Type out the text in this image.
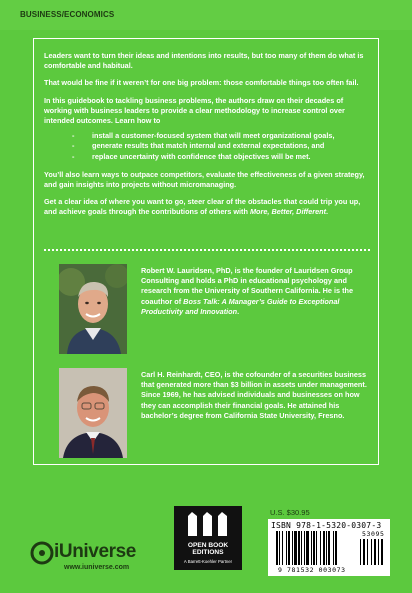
BUSINESS/ECONOMICS

Leaders want to turn their ideas and intentions into results, but too many of them do what is comfortable and habitual.

That would be fine if it weren’t for one big problem: those comfortable things too often fail.

In this guidebook to tackling business problems, the authors draw on their decades of working with business leaders to provide a clear methodology to increase control over intended outcomes. Learn how to

- install a customer-focused system that will meet organizational goals,
- generate results that match internal and external expectations, and
- replace uncertainty with confidence that objectives will be met.

You’ll also learn ways to outpace competitors, evaluate the effectiveness of a given strategy, and gain insights into projects without micromanaging.

Get a clear idea of where you want to go, steer clear of the obstacles that could trip you up, and achieve goals through the contributions of others with More, Better, Different.

Robert W. Lauridsen, PhD, is the founder of Lauridsen Group Consulting and holds a PhD in educational psychology and research from the University of Southern California. He is the coauthor of Boss Talk: A Manager’s Guide to Exceptional Productivity and Innovation.
Carl H. Reinhardt, CEO, is the cofounder of a securities business that generated more than $3 billion in assets under management. Since 1969, he has advised individuals and businesses on how they can accomplish their financial goals. He attained his bachelor’s degree from California State University, Fresno.
iUniverse
www.iuniverse.com
OPEN BOOK
EDITIONS
A Barrett-Koehler Partner
U.S. $30.95
ISBN 978-1-5320-0307-3
53095
9 781532 003073
